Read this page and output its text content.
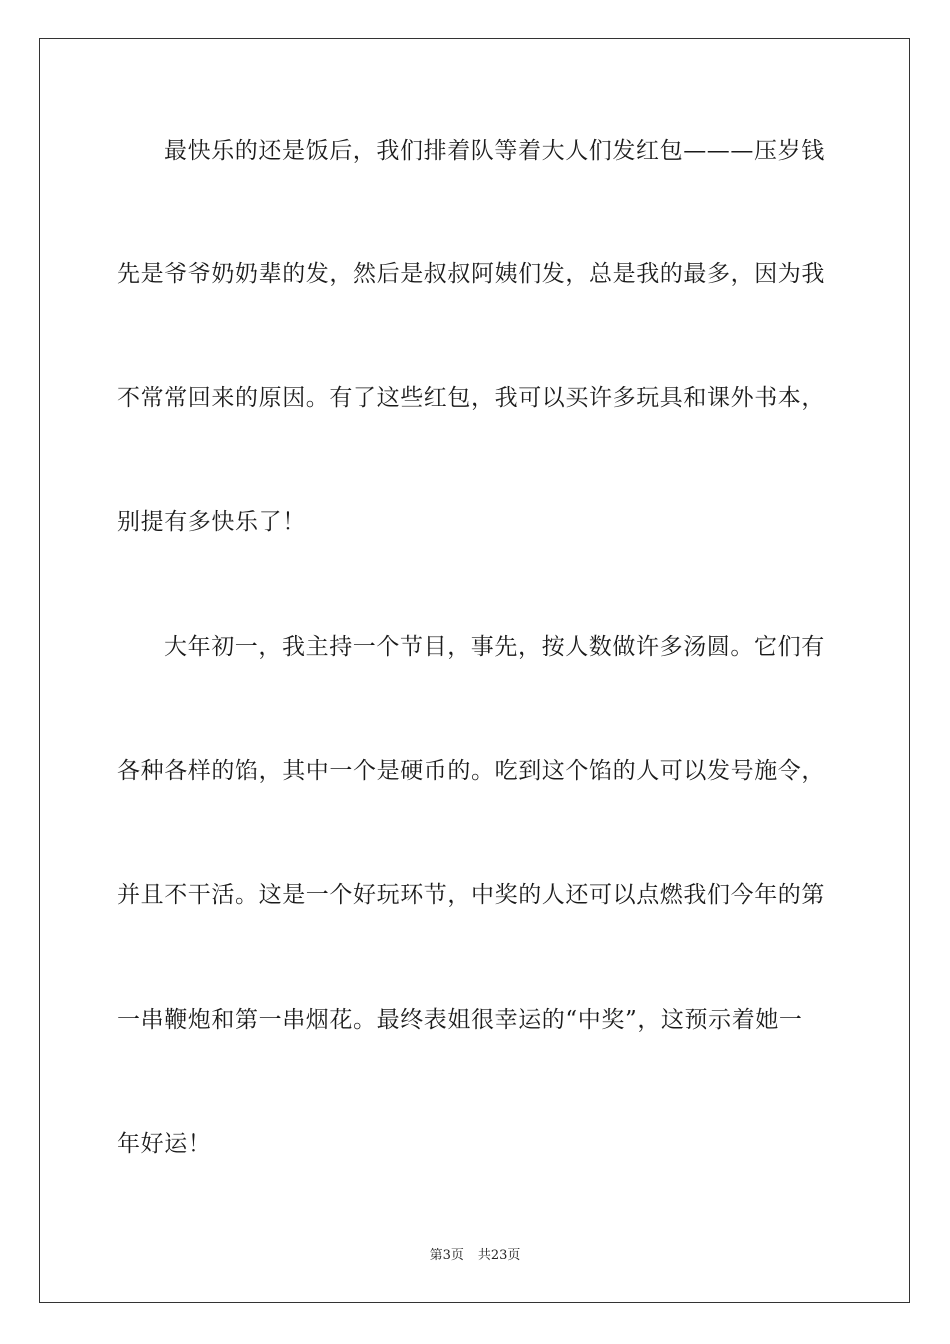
最快乐的还是饭后，我们排着队等着大人们发红包———压岁钱
先是爷爷奶奶辈的发，然后是叔叔阿姨们发，总是我的最多，因为我
不常常回来的原因。有了这些红包，我可以买许多玩具和课外书本，
别提有多快乐了！
大年初一，我主持一个节目，事先，按人数做许多汤圆。它们有
各种各样的馅，其中一个是硬币的。吃到这个馅的人可以发号施令，
并且不干活。这是一个好玩环节，中奖的人还可以点燃我们今年的第
一串鞭炮和第一串烟花。最终表姐很幸运的“中奖”，这预示着她一
年好运！
第3页 共23页
